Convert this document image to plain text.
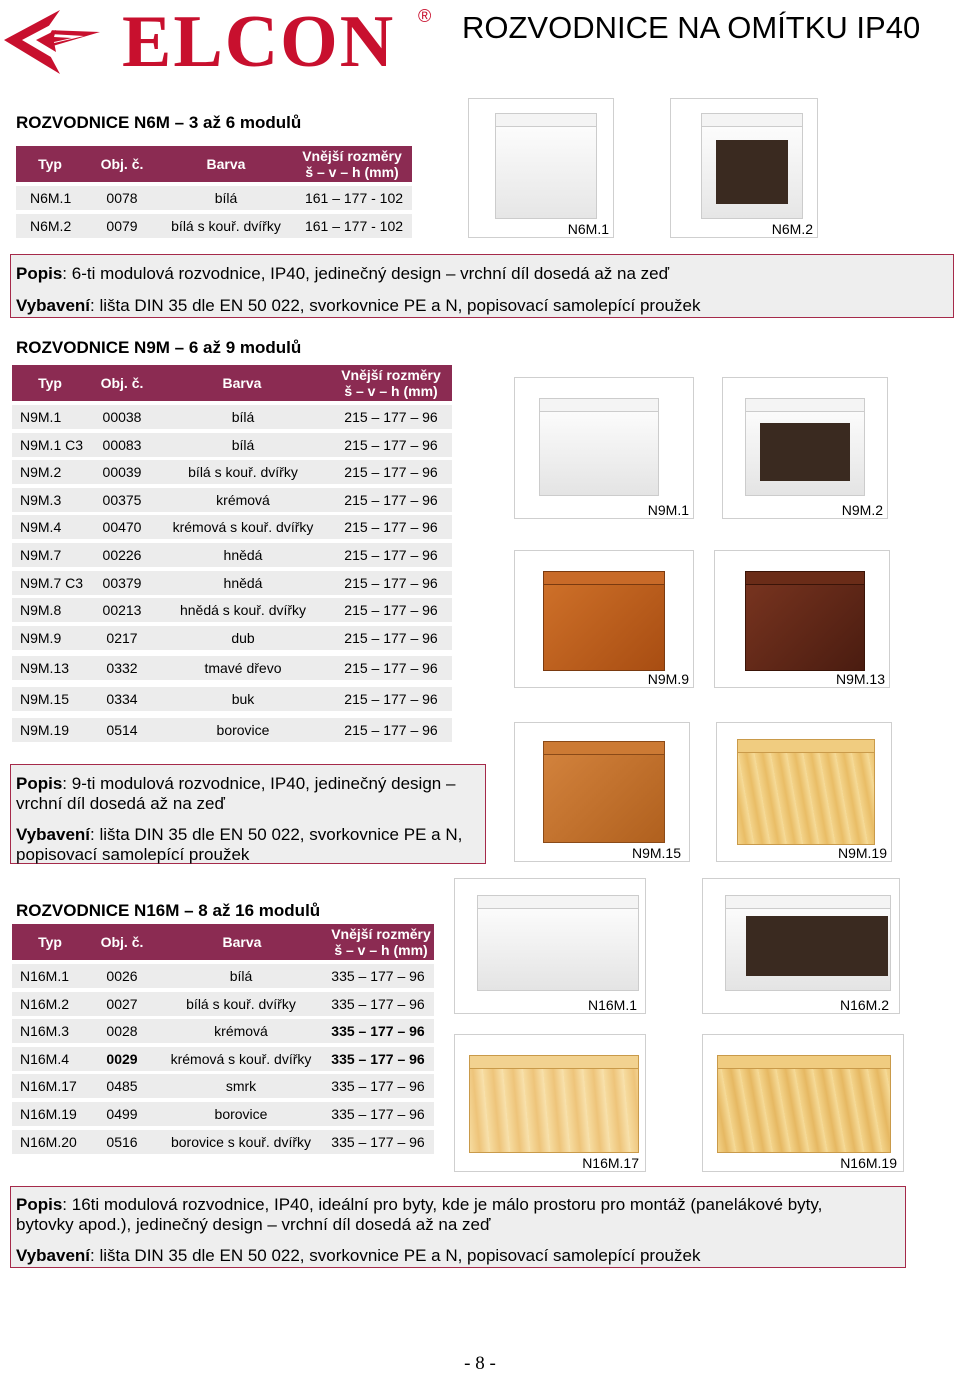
ELCON ® ROZVODNICE NA OMÍTKU IP40
ROZVODNICE N6M – 3 až 6 modulů
Typ	Obj. č.	Barva	Vnější rozměry
š – v – h (mm)
N6M.1	0078	bílá	161 – 177 - 102
N6M.2	0079	bílá s kouř. dvířky	161 – 177 - 102	N6M.1	N6M.2

Popis: 6-ti modulová rozvodnice, IP40, jedinečný design – vrchní díl dosedá až na zeď

Vybavení: lišta DIN 35 dle EN 50 022, svorkovnice PE a N, popisovací samolepící proužek

ROZVODNICE N9M – 6 až 9 modulů
Typ	Obj. č.	Barva	Vnější rozměry
š – v – h (mm)
N9M.1	00038	bílá	215 – 177 – 96
N9M.1 C3	00083	bílá	215 – 177 – 96
N9M.2	00039	bílá s kouř. dvířky	215 – 177 – 96
N9M.3	00375	krémová	215 – 177 – 96
N9M.4	00470	krémová s kouř. dvířky	215 – 177 – 96
N9M.7	00226	hnědá	215 – 177 – 96
N9M.7 C3	00379	hnědá	215 – 177 – 96
N9M.8	00213	hnědá s kouř. dvířky	215 – 177 – 96
N9M.9	0217	dub	215 – 177 – 96
N9M.13	0332	tmavé dřevo	215 – 177 – 96
N9M.15	0334	buk	215 – 177 – 96
N9M.19	0514	borovice	215 – 177 – 96
N9M.1	N9M.2
N9M.9	N9M.13
N9M.15	N9M.19

Popis: 9-ti modulová rozvodnice, IP40, jedinečný design –

vrchní díl dosedá až na zeď

Vybavení: lišta DIN 35 dle EN 50 022, svorkovnice PE a N,

popisovací samolepící proužek

ROZVODNICE N16M – 8 až 16 modulů
Typ	Obj. č.	Barva	Vnější rozměry
š – v – h (mm)
N16M.1	0026	bílá	335 – 177 – 96
N16M.2	0027	bílá s kouř. dvířky	335 – 177 – 96
N16M.3	0028	krémová	335 – 177 – 96
N16M.4	0029	krémová s kouř. dvířky	335 – 177 – 96
N16M.17	0485	smrk	335 – 177 – 96
N16M.19	0499	borovice	335 – 177 – 96
N16M.20	0516	borovice s kouř. dvířky	335 – 177 – 96
N16M.1	N16M.2
N16M.17	N16M.19

Popis: 16ti modulová rozvodnice, IP40, ideální pro byty, kde je málo prostoru pro montáž (panelákové byty,

bytovky apod.), jedinečný design – vrchní díl dosedá až na zeď

Vybavení: lišta DIN 35 dle EN 50 022, svorkovnice PE a N, popisovací samolepící proužek

- 8 -
